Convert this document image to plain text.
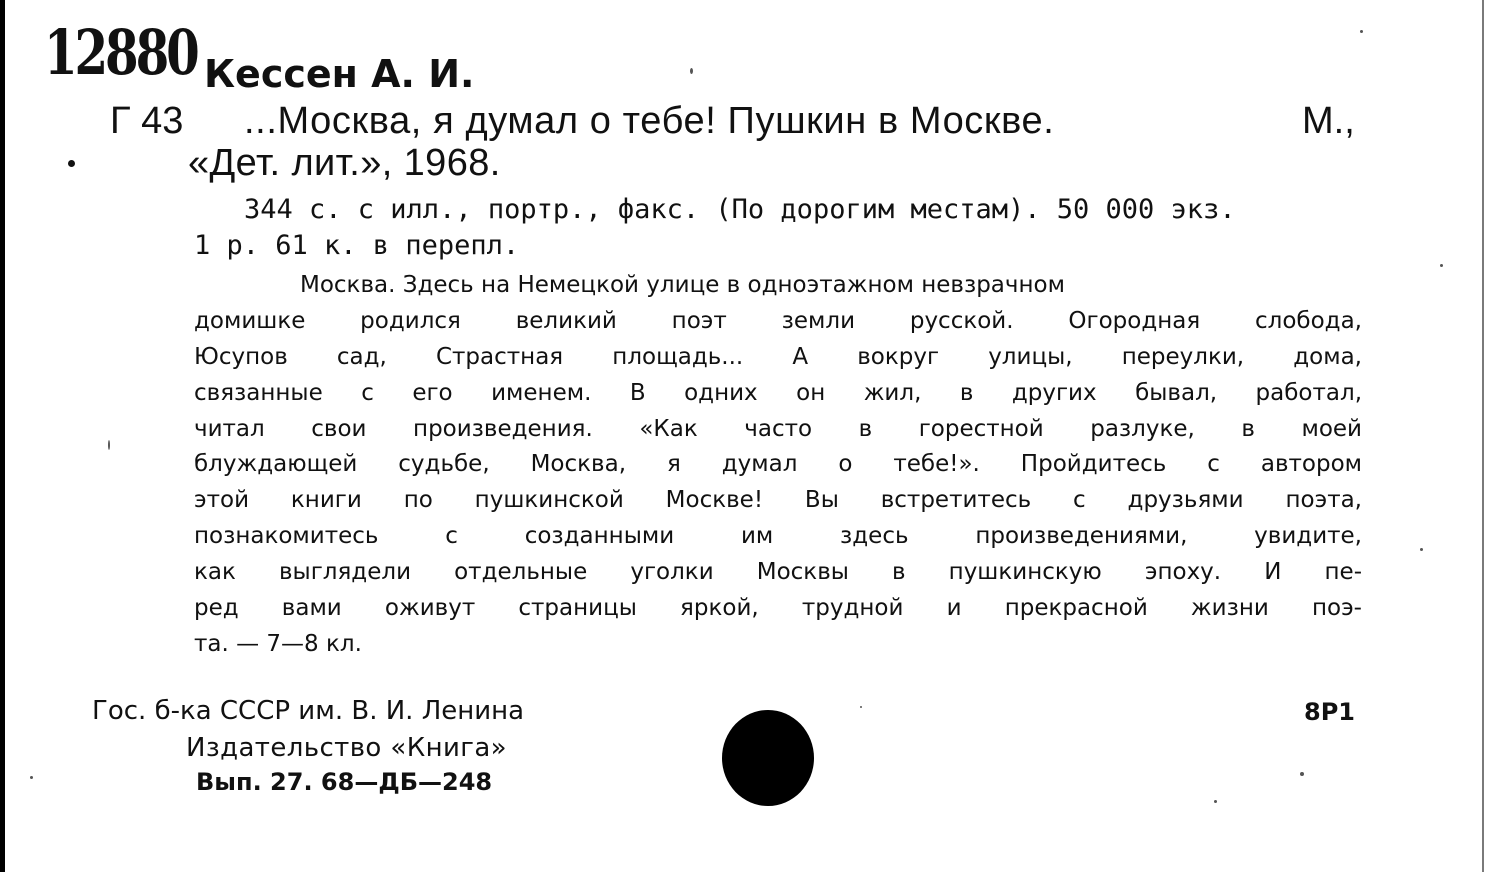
12880 Кессен А. И.
Г 43 ...Москва, я думал о тебе! Пушкин в Москве.	М.,
«Дет. лит.», 1968.
344 с. с илл., портр., факс. (По дорогим местам). 50 000 экз.
1 р. 61 к. в перепл.
Москва. Здесь на Немецкой улице в одноэтажном невзрачном
домишке родился великий поэт земли русской. Огородная слобода,
Юсупов сад, Страстная площадь... А вокруг улицы, переулки, дома,
связанные с его именем. В одних он жил, в других бывал, работал,
читал свои произведения. «Как часто в горестной разлуке, в моей
блуждающей судьбе, Москва, я думал о тебе!». Пройдитесь с автором
этой книги по пушкинской Москве! Вы встретитесь с друзьями поэта,
познакомитесь с созданными им здесь произведениями, увидите,
как выглядели отдельные уголки Москвы в пушкинскую эпоху. И пе-
ред вами оживут страницы яркой, трудной и прекрасной жизни поэ-
та. — 7—8 кл.
Гос. б-ка СССР им. В. И. Ленина
Издательство «Книга»
Вып. 27. 68—ДБ—248
8Р1
